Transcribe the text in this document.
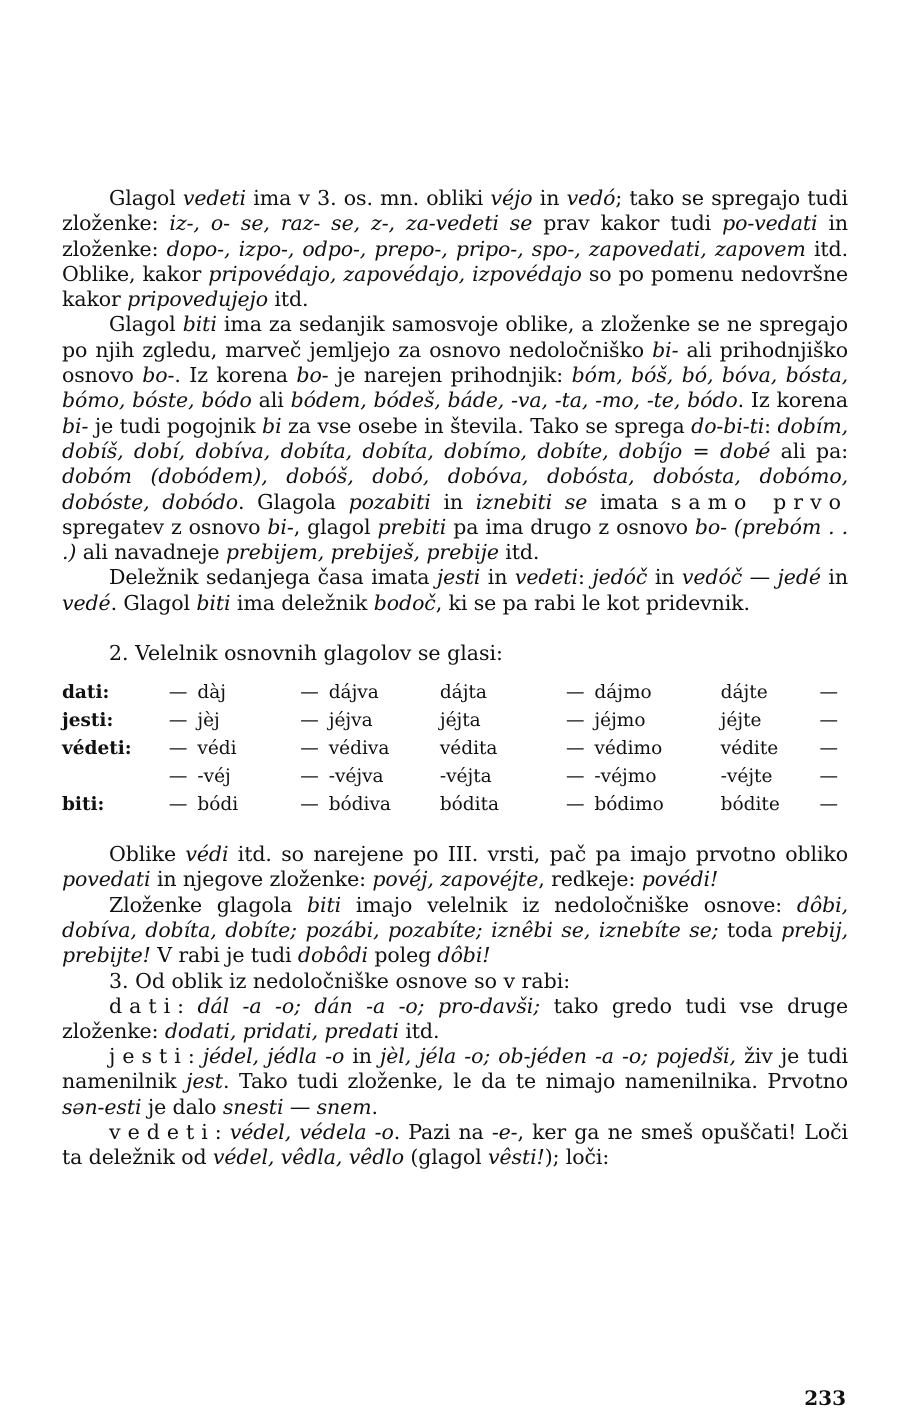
Glagol vedeti ima v 3. os. mn. obliki véjo in vedó; tako se spregajo tudi zloženke: iz-, o- se, raz- se, z-, za-vedeti se prav kakor tudi po-vedati in zloženke: dopo-, izpo-, odpo-, prepo-, pripo-, spo-, zapovedati, zapovem itd. Oblike, kakor pripovédajo, zapovédajo, izpovédajo so po pomenu nedovršne kakor pripovedujejo itd.

Glagol biti ima za sedanjik samosvoje oblike, a zloženke se ne spregajo po njih zgledu, marveč jemljejo za osnovo nedoločniško bi- ali prihodnjiško osnovo bo-. Iz korena bo- je narejen prihodnjik: bóm, bóš, bó, bóva, bósta, bómo, bóste, bódo ali bódem, bódeš, báde, -va, -ta, -mo, -te, bódo. Iz korena bi- je tudi pogojnik bi za vse osebe in števila. Tako se sprega do-bi-ti: dobím, dobíš, dobí, dobíva, dobíta, dobíta, dobímo, dobíte, dobíjo = dobé ali pa: dobóm (dobódem), dobóš, dobó, dobóva, dobósta, dobósta, dobómo, dobóste, dobódo. Glagola pozabiti in iznebiti se imata samo prvo spregatev z osnovo bi-, glagol prebiti pa ima drugo z osnovo bo- (prebóm . . .) ali navadneje prebijem, prebiješ, prebije itd.

Deležnik sedanjega časa imata jesti in vedeti: jedóč in vedóč — jedé in vedé. Glagol biti ima deležnik bodoč, ki se pa rabi le kot pridevnik.

2. Velelnik osnovnih glagolov se glasi:

dati:	—	dàj	—	dájva	dájta	—	dájmo	dájte	—
jesti:	—	jèj	—	jéjva	jéjta	—	jéjmo	jéjte	—
védeti:	—	védi	—	védiva	védita	—	védimo	védite	—
	—	-véj	—	-véjva	-véjta	—	-véjmo	-véjte	—
biti:	—	bódi	—	bódiva	bódita	—	bódimo	bódite	—

Oblike védi itd. so narejene po III. vrsti, pač pa imajo prvotno obliko povedati in njegove zloženke: povéj, zapovéjte, redkeje: povédi!

Zloženke glagola biti imajo velelnik iz nedoločniške osnove: dôbi, dobíva, dobíta, dobíte; pozábi, pozabíte; iznêbi se, iznebíte se; toda prebij, prebijte! V rabi je tudi dobôdi poleg dôbi!

3. Od oblik iz nedoločniške osnove so v rabi:

dati: dál -a -o; dán -a -o; pro-davši; tako gredo tudi vse druge zloženke: dodati, pridati, predati itd.

jesti: jédel, jédla -o in jèl, jéla -o; ob-jéden -a -o; pojedši, živ je tudi namenilnik jest. Tako tudi zloženke, le da te nimajo namenilnika. Prvotno sən-esti je dalo snesti — snem.

vedeti: védel, védela -o. Pazi na -e-, ker ga ne smeš opuščati! Loči ta deležnik od védel, vêdla, vêdlo (glagol vêsti!); loči:

233
